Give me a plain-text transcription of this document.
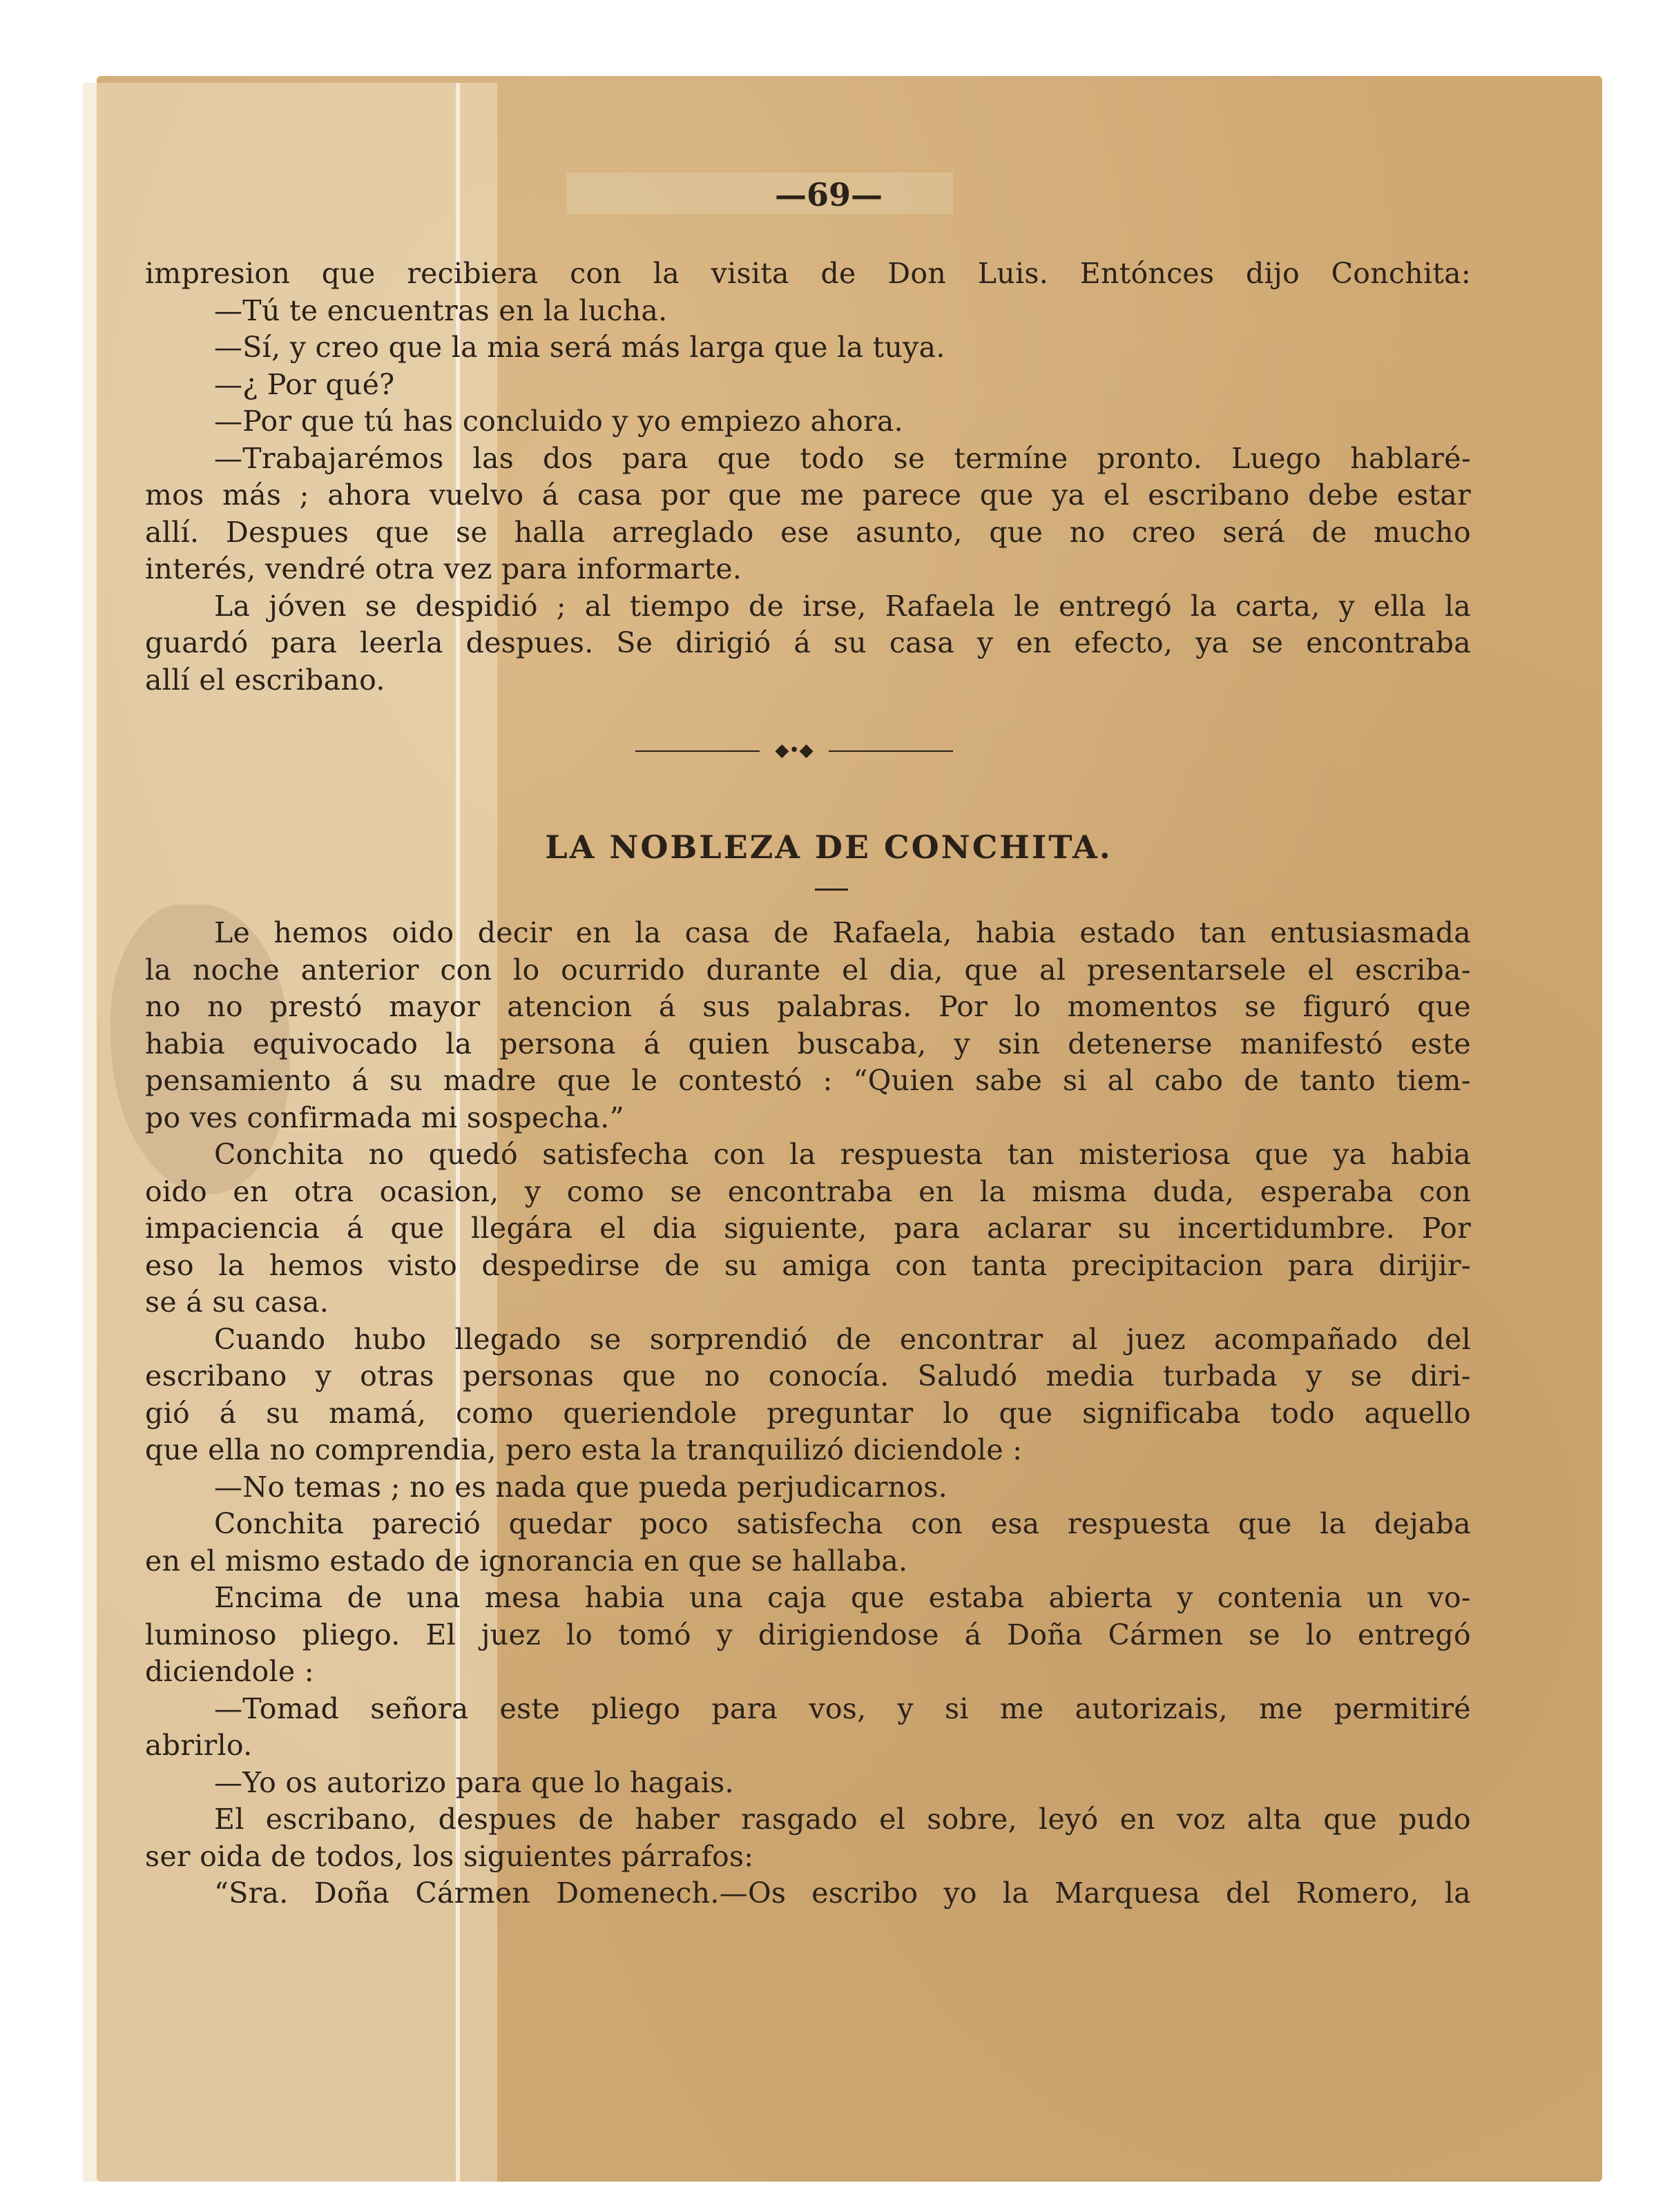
—69—
impresion que recibiera con la visita de Don Luis. Entónces dijo Conchita:
—Tú te encuentras en la lucha.
—Sí, y creo que la mia será más larga que la tuya.
—¿ Por qué?
—Por que tú has concluido y yo empiezo ahora.
—Trabajarémos las dos para que todo se termíne pronto. Luego hablaré-
mos más ; ahora vuelvo á casa por que me parece que ya el escribano debe estar
allí. Despues que se halla arreglado ese asunto, que no creo será de mucho
interés, vendré otra vez para informarte.
La jóven se despidió ; al tiempo de irse, Rafaela le entregó la carta, y ella la
guardó para leerla despues. Se dirigió á su casa y en efecto, ya se encontraba
allí el escribano.
◆•◆
LA NOBLEZA DE CONCHITA.
Le hemos oido decir en la casa de Rafaela, habia estado tan entusiasmada
la noche anterior con lo ocurrido durante el dia, que al presentarsele el escriba-
no no prestó mayor atencion á sus palabras. Por lo momentos se figuró que
habia equivocado la persona á quien buscaba, y sin detenerse manifestó este
pensamiento á su madre que le contestó : “Quien sabe si al cabo de tanto tiem-
po ves confirmada mi sospecha.”
Conchita no quedó satisfecha con la respuesta tan misteriosa que ya habia
oido en otra ocasion, y como se encontraba en la misma duda, esperaba con
impaciencia á que llegára el dia siguiente, para aclarar su incertidumbre. Por
eso la hemos visto despedirse de su amiga con tanta precipitacion para dirijir-
se á su casa.
Cuando hubo llegado se sorprendió de encontrar al juez acompañado del
escribano y otras personas que no conocía. Saludó media turbada y se diri-
gió á su mamá, como queriendole preguntar lo que significaba todo aquello
que ella no comprendia, pero esta la tranquilizó diciendole :
—No temas ; no es nada que pueda perjudicarnos.
Conchita pareció quedar poco satisfecha con esa respuesta que la dejaba
en el mismo estado de ignorancia en que se hallaba.
Encima de una mesa habia una caja que estaba abierta y contenia un vo-
luminoso pliego. El juez lo tomó y dirigiendose á Doña Cármen se lo entregó
diciendole :
—Tomad señora este pliego para vos, y si me autorizais, me permitiré
abrirlo.
—Yo os autorizo para que lo hagais.
El escribano, despues de haber rasgado el sobre, leyó en voz alta que pudo
ser oida de todos, los siguientes párrafos:
“Sra. Doña Cármen Domenech.—Os escribo yo la Marquesa del Romero, la
